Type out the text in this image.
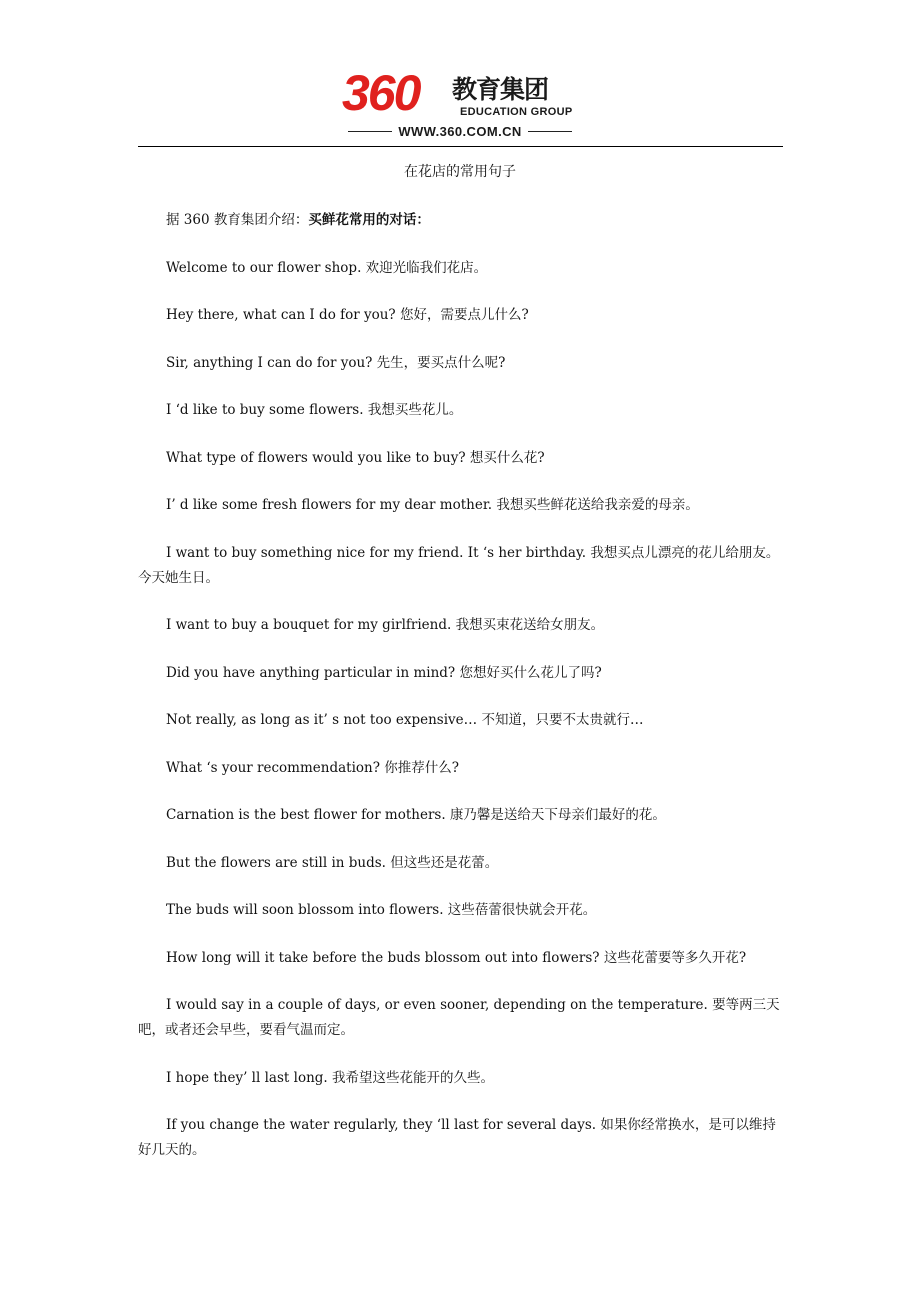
360 教育集团
EDUCATION GROUP
WWW.360.COM.CN
在花店的常用句子
据 360 教育集团介绍：买鲜花常用的对话：
Welcome to our flower shop. 欢迎光临我们花店。
Hey there, what can I do for you? 您好，需要点儿什么?
Sir, anything I can do for you? 先生，要买点什么呢?
I ‘d like to buy some flowers. 我想买些花儿。
What type of flowers would you like to buy? 想买什么花?
I’ d like some fresh flowers for my dear mother. 我想买些鲜花送给我亲爱的母亲。
I want to buy something nice for my friend. It ‘s her birthday. 我想买点儿漂亮的花儿给朋友。今天她生日。
I want to buy a bouquet for my girlfriend. 我想买束花送给女朋友。
Did you have anything particular in mind? 您想好买什么花儿了吗?
Not really, as long as it’ s not too expensive… 不知道，只要不太贵就行…
What ‘s your recommendation? 你推荐什么?
Carnation is the best flower for mothers. 康乃馨是送给天下母亲们最好的花。
But the flowers are still in buds. 但这些还是花蕾。
The buds will soon blossom into flowers. 这些蓓蕾很快就会开花。
How long will it take before the buds blossom out into flowers? 这些花蕾要等多久开花?
I would say in a couple of days, or even sooner, depending on the temperature. 要等两三天吧，或者还会早些，要看气温而定。
I hope they’ ll last long. 我希望这些花能开的久些。
If you change the water regularly, they ‘ll last for several days. 如果你经常换水，是可以维持好几天的。
